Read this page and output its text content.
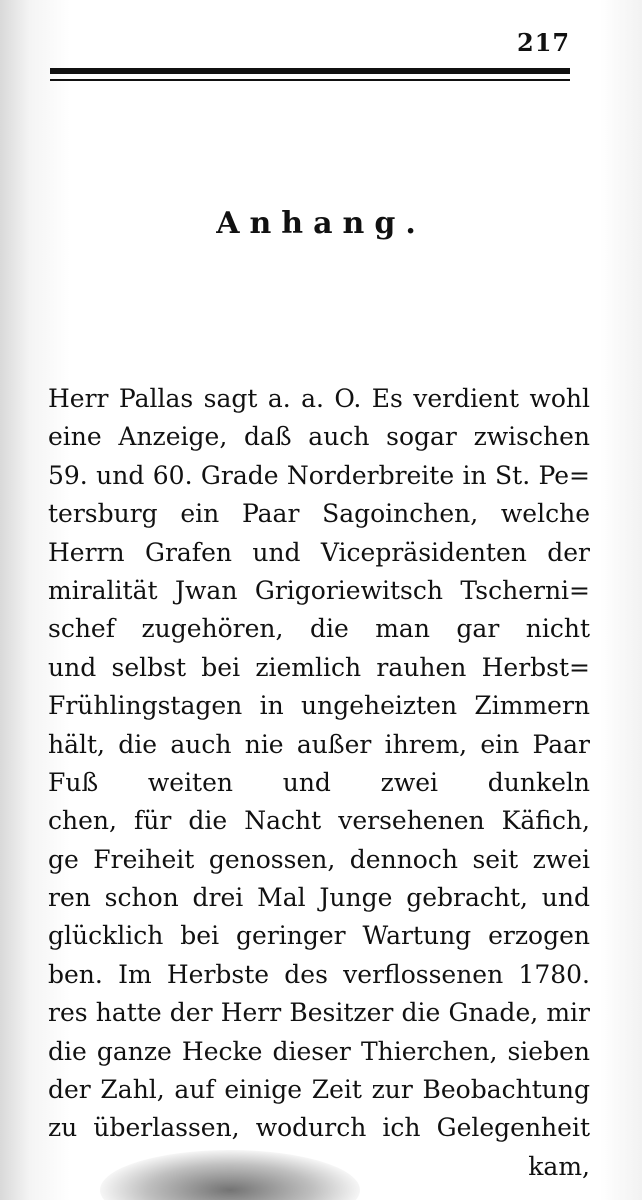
217

Anhang.
Herr Pallas sagt a. a. O. Es verdient wohl
eine Anzeige, daß auch sogar zwischen
59. und 60. Grade Norderbreite in St. Pe=
tersburg ein Paar Sagoinchen, welche
Herrn Grafen und Vicepräsidenten der
miralität Jwan Grigoriewitsch Tscherni=
schef zugehören, die man gar nicht
und selbst bei ziemlich rauhen Herbst=
Frühlingstagen in ungeheizten Zimmern
hält, die auch nie außer ihrem, ein Paar
Fuß weiten und zwei dunkeln
chen, für die Nacht versehenen Käfich,
ge Freiheit genossen, dennoch seit zwei
ren schon drei Mal Junge gebracht, und
glücklich bei geringer Wartung erzogen
ben. Im Herbste des verflossenen 1780.
res hatte der Herr Besitzer die Gnade, mir
die ganze Hecke dieser Thierchen, sieben
der Zahl, auf einige Zeit zur Beobachtung
zu überlassen, wodurch ich Gelegenheit
kam,
